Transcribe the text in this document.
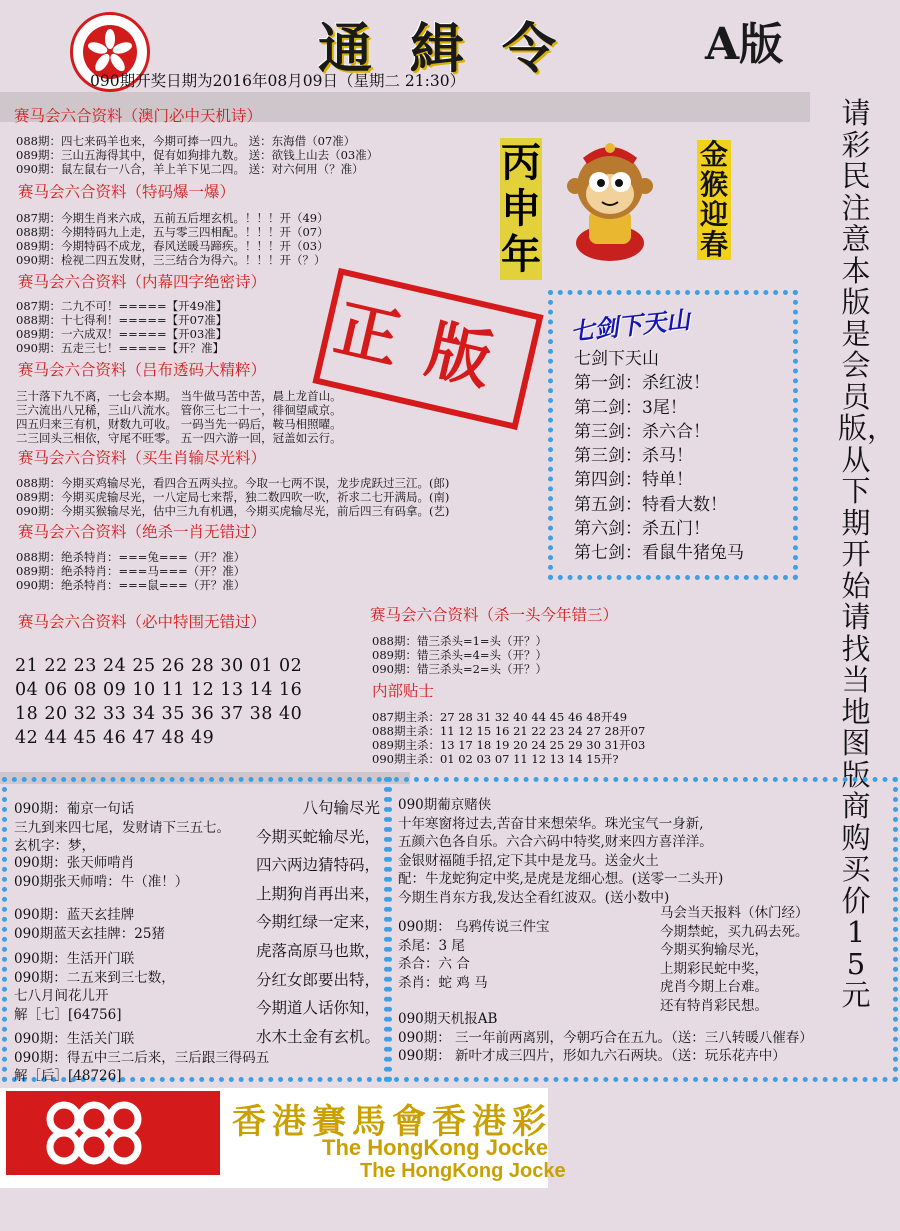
通緝令	A版
090期开奖日期为2016年08月09日（星期二 21:30）
赛马会六合资料（澳门必中天机诗）
088期：四七来码羊也来，今期可捧一四九。 送：东海借（07准）
089期：三山五海得其中，促有如狗排九数。 送：欲钱上山去（03准）
090期：鼠左鼠右一八合，羊上羊下见二四。 送：对六何用（？准）
赛马会六合资料（特码爆一爆）
087期：今期生肖来六成，五前五后埋玄机。！！！开（49）
088期：今期特码九上走，五与零三四相配。！！！开（07）
089期：今期特码不成龙，春风送暖马蹄疾。！！！开（03）
090期：检视二四五发财，三三结合为得六。！！！开（？）
赛马会六合资料（内幕四字绝密诗）
087期：二九不可！=====【开49准】
088期：十七得利！=====【开07准】
089期：一六成双！=====【开03准】
090期：五走三七！=====【开？准】
赛马会六合资料（吕布透码大精粹）
三十落下九不离，一七会本期。 当牛做马苦中苦，晨上龙首山。
三六流出八兄稀，三山八流水。 管你三七二十一，徘徊望咸京。
四五归来三有机，财数九可收。 一码当先一码后，鞍马相照曜。
二三回头三相依，守尾不旺零。 五一四六游一回，冠盖如云行。
赛马会六合资料（买生肖输尽光料）
088期：今期买鸡输尽光，看四合五两头拉。今取一七两不误，龙步虎跃过三江。(郎)
089期：今期买虎输尽光，一八定局七来帮，独二数四吹一吹，祈求二七开满局。(南)
090期：今期买猴输尽光，估中三九有机遇，今期买虎输尽光，前后四三有码拿。(艺)
赛马会六合资料（绝杀一肖无错过）
088期：绝杀特肖：===兔===（开？准）
089期：绝杀特肖：===马===（开？准）
090期：绝杀特肖：===鼠===（开？准）
赛马会六合资料（必中特围无错过）
21 22 23 24 25 26 28 30 01 02
04 06 08 09 10 11 12 13 14 16
18 20 32 33 34 35 36 37 38 40
42 44 45 46 47 48 49
赛马会六合资料（杀一头今年错三）
088期：错三杀头=1=头（开？）
089期：错三杀头=4=头（开？）
090期：错三杀头=2=头（开？）
内部贴士
087期主杀：27 28 31 32 40 44 45 46 48开49
088期主杀：11 12 15 16 21 22 23 24 27 28开07
089期主杀：13 17 18 19 20 24 25 29 30 31开03
090期主杀：01 02 03 07 11 12 13 14 15开?
正版
丙申年
金猴迎春
请彩民注意本版是会员版，从下期开始请找当地图版商购买价15元
七剑下天山
七剑下天山
第一剑：杀红波！
第二剑：3尾！
第三剑：杀六合！
第三剑：杀马！
第四剑：特单！
第五剑：特看大数！
第六剑：杀五门！
第七剑：看鼠牛猪兔马
090期：葡京一句话
三九到来四七尾，发财请下三五七。
玄机字：梦，
090期：张天师啃肖
090期张天师啃：牛（准！）
090期：蓝天玄挂牌
090期蓝天玄挂牌：25猪
090期：生活开门联
090期：二五来到三七数，
七八月间花儿开
解［七］[64756]
090期：生活关门联
090期：得五中三二后来，三后跟三得码五
解［后］[48726]
八句输尽光
今期买蛇输尽光，
四六两边猜特码，
上期狗肖再出来，
今期红绿一定来，
虎落高原马也欺，
分红女郎要出特，
今期道人话你知，
水木土金有玄机。
090期葡京赌侠
十年寒窗将过去,苦奋甘来想荣华。珠光宝气一身新,
五颜六色各自乐。六合六码中特奖,财来四方喜洋洋。
金银财福随手招,定下其中是龙马。送金火土
配：牛龙蛇狗定中奖,是虎是龙细心想。(送零一二头开)
今期生肖东方我,发达全看红波双。(送小数中)
090期： 乌鸦传说三件宝
杀尾：3 尾
杀合：六 合
杀肖：蛇 鸡 马
马会当天报料（休门经）
今期禁蛇，买九码去死。
今期买狗输尽光，
上期彩民蛇中奖，
虎肖今期上台难。
还有特肖彩民想。
090期天机报AB
090期： 三一年前两离别，今朝巧合在五九。（送：三八转暖八催春）
090期： 新叶才成三四片，形如九六石两块。（送：玩乐花卉中）
香港賽馬會香港彩
The HongKong Jocke
The HongKong Jocke
